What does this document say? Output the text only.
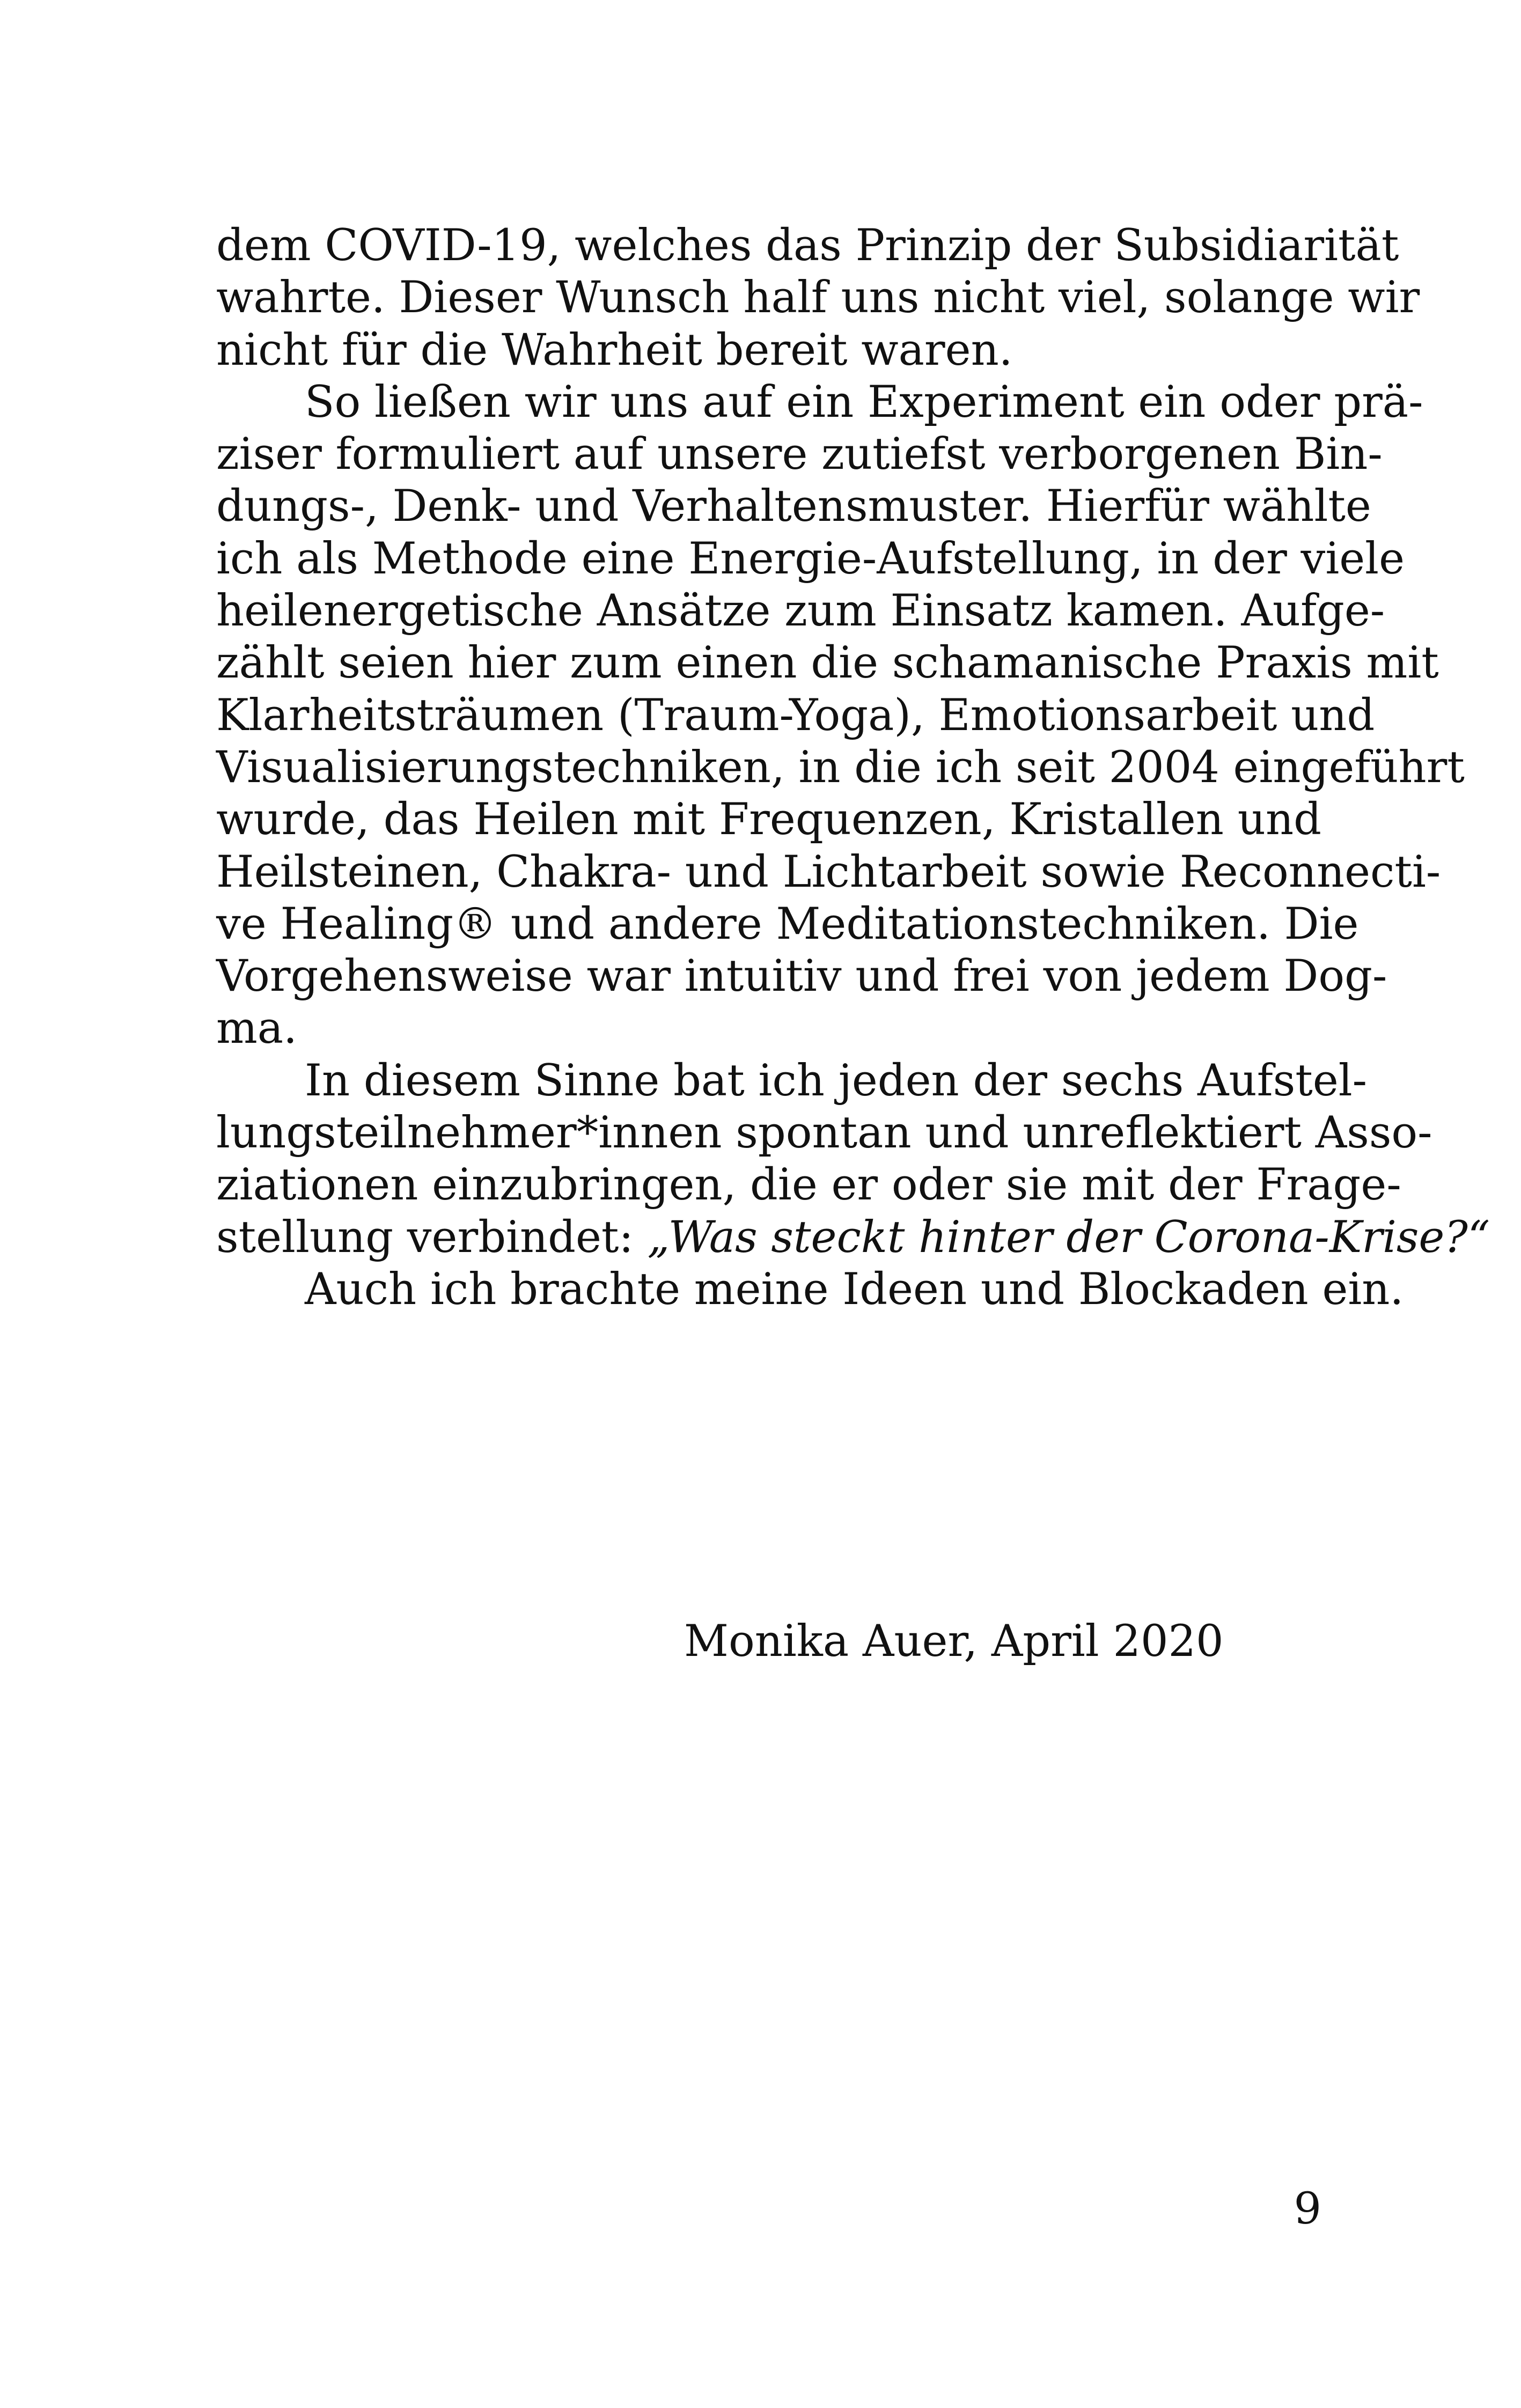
dem COVID-19, welches das Prinzip der Subsidiarität
wahrte. Dieser Wunsch half uns nicht viel, solange wir
nicht für die Wahrheit bereit waren.
So ließen wir uns auf ein Experiment ein oder prä-
ziser formuliert auf unsere zutiefst verborgenen Bin-
dungs-, Denk- und Verhaltensmuster. Hierfür wählte
ich als Methode eine Energie-Aufstellung, in der viele
heilenergetische Ansätze zum Einsatz kamen. Aufge-
zählt seien hier zum einen die schamanische Praxis mit
Klarheitsträumen (Traum-Yoga), Emotionsarbeit und
Visualisierungstechniken, in die ich seit 2004 eingeführt
wurde, das Heilen mit Frequenzen, Kristallen und
Heilsteinen, Chakra- und Lichtarbeit sowie Reconnecti-
ve Healing® und andere Meditationstechniken. Die
Vorgehensweise war intuitiv und frei von jedem Dog-
ma.
In diesem Sinne bat ich jeden der sechs Aufstel-
lungsteilnehmer*innen spontan und unreflektiert Asso-
ziationen einzubringen, die er oder sie mit der Frage-
stellung verbindet: „Was steckt hinter der Corona-Krise?“
Auch ich brachte meine Ideen und Blockaden ein.
Monika Auer, April 2020
9
